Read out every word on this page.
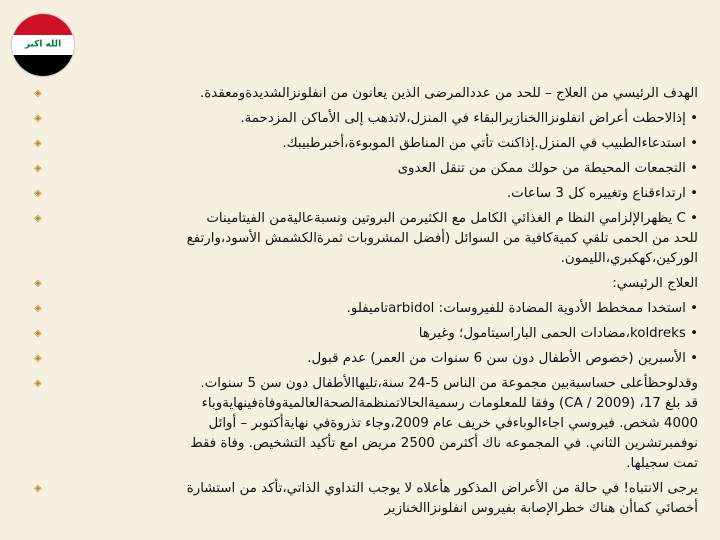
الله اكبر
◈	الهدف الرئيسي من العلاج – للحد من عددالمرضى الذين يعانون من انفلونزالشديدةومعقدة.
◈	• إذالاحطت أعراض انفلونزاالخنازيرالبقاء في المنزل،لاتذهب إلى الأماكن المزدحمة.
◈	• استدعاءالطبيب في المنزل.إذاكنت تأتي من المناطق الموبوءة،أخبرطبيبك.
◈	• التجمعات المحيطة من حولك ممكن من تنقل العدوى
◈	• ارتداءقناع وتغييره كل 3 ساعات.
◈	• C يظهرالإلزامي النظا م الغذائي الكامل مع الكثيرمن البروتين ونسبةعاليةمن الفيتامينات
للحد من الحمى تلقي كميةكافية من السوائل (أفضل المشروبات ثمرةالكشمش الأسود،وارتفع
الوركين،كهكبري،الليمون.
◈	العلاج الرئيسي:
◈	• استخدا ممخطط الأدوية المضادة للفيروسات: arbidolتاميفلو.
◈	• koldreks،مضادات الحمى الباراسيتامول؛ وغيرها
◈	• الأسبرين (خصوص الأطفال دون سن 6 سنوات من العمر) عدم قبول.
◈	وقدلوحظأعلى حساسيةبين مجموعة من الناس 5-24 سنة،تليهاالأطفال دون سن 5 سنوات.
قد بلغ 17، (CA / 2009) وفقا للمعلومات رسميةالحالاتمنظمةالصحةالعالميةوفاةفينهايةوباء
4000 شخص. فيروسي اجاءالوباءفي خريف عام 2009،وجاء تذروةفي نهايةأكتوبر – أوائل
نوفمبرتشرين الثاني. في المجموعه ناك أكثرمن 2500 مريض امع تأكيد التشخيص. وفاة فقط
تمت سجيلها.
◈	يرجى الانتباه! في حالة من الأعراض المذكور هأعلاه لا يوجب التداوي الذاتي،تأكد من استشارة
أخصائي كماأن هناك خطرالإصابة بفيروس انفلونزاالخنازير
